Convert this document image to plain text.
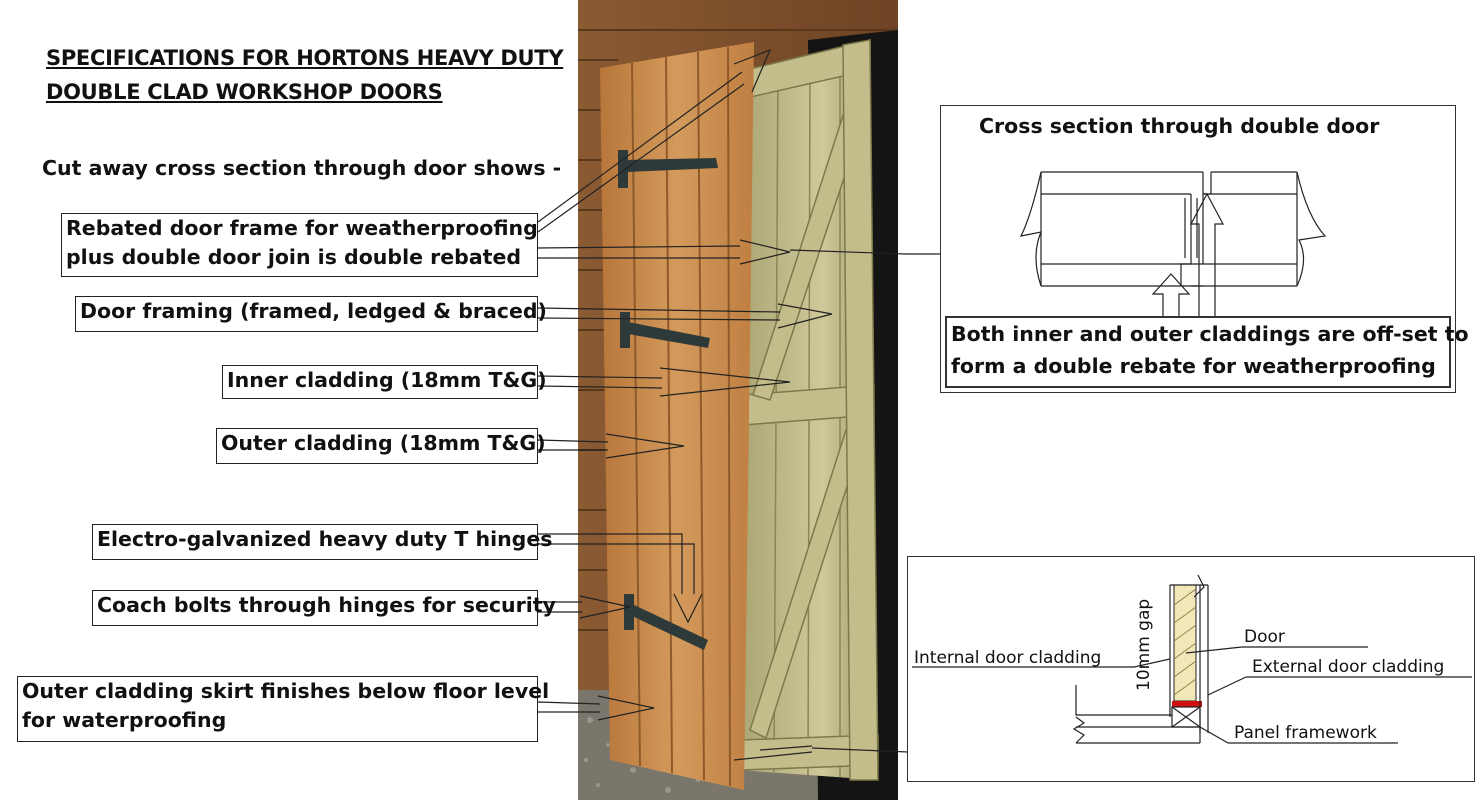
SPECIFICATIONS FOR HORTONS HEAVY DUTY
DOUBLE CLAD WORKSHOP DOORS
Cut away cross section through door shows -
Rebated door frame for weatherproofing
plus double door join is double rebated
Door framing (framed, ledged & braced)
Inner cladding (18mm T&G)
Outer cladding (18mm T&G)
Electro-galvanized heavy duty T hinges
Coach bolts through hinges for security
Outer cladding skirt finishes below floor level
for waterproofing
Cross section through double door
Both inner and outer claddings are off-set to
form a double rebate for weatherproofing
10mm gap	Door
Internal door cladding	External door cladding
Panel framework
